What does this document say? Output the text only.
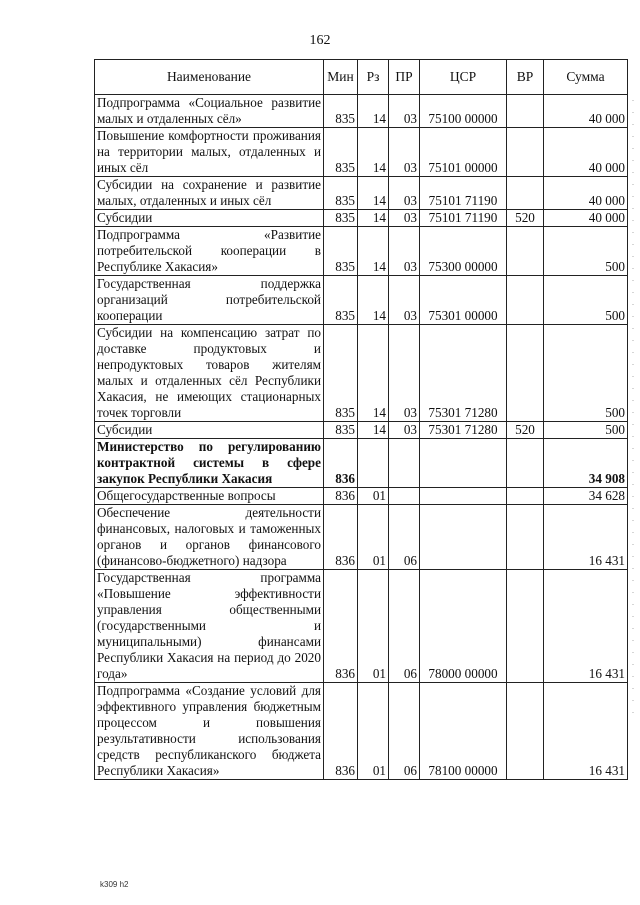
162
Наименование	Мин	Рз	ПР	ЦСР	ВР	Сумма
Подпрограмма «Социальное развитие малых и отдаленных сёл»	835	14	03	75100 00000		40 000
Повышение комфортности проживания на территории малых, отдаленных и иных сёл	835	14	03	75101 00000		40 000
Субсидии на сохранение и развитие малых, отдаленных и иных сёл	835	14	03	75101 71190		40 000
Субсидии	835	14	03	75101 71190	520	40 000
Подпрограмма «Развитие потребительской кооперации в Республике Хакасия»	835	14	03	75300 00000		500
Государственная поддержка организаций потребительской кооперации	835	14	03	75301 00000		500
Субсидии на компенсацию затрат по доставке продуктовых и непродуктовых товаров жителям малых и отдаленных сёл Республики Хакасия, не имеющих стационарных точек торговли	835	14	03	75301 71280		500
Субсидии	835	14	03	75301 71280	520	500
Министерство по регулированию контрактной системы в сфере закупок Республики Хакасия	836					34 908
Общегосударственные вопросы	836	01				34 628
Обеспечение деятельности финансовых, налоговых и таможенных органов и органов финансового (финансово-бюджетного) надзора	836	01	06			16 431
Государственная программа «Повышение эффективности управления общественными (государственными и муниципальными) финансами Республики Хакасия на период до 2020 года»	836	01	06	78000 00000		16 431
Подпрограмма «Создание условий для эффективного управления бюджетным процессом и повышения результативности использования средств республиканского бюджета Республики Хакасия»	836	01	06	78100 00000		16 431
k309 h2
